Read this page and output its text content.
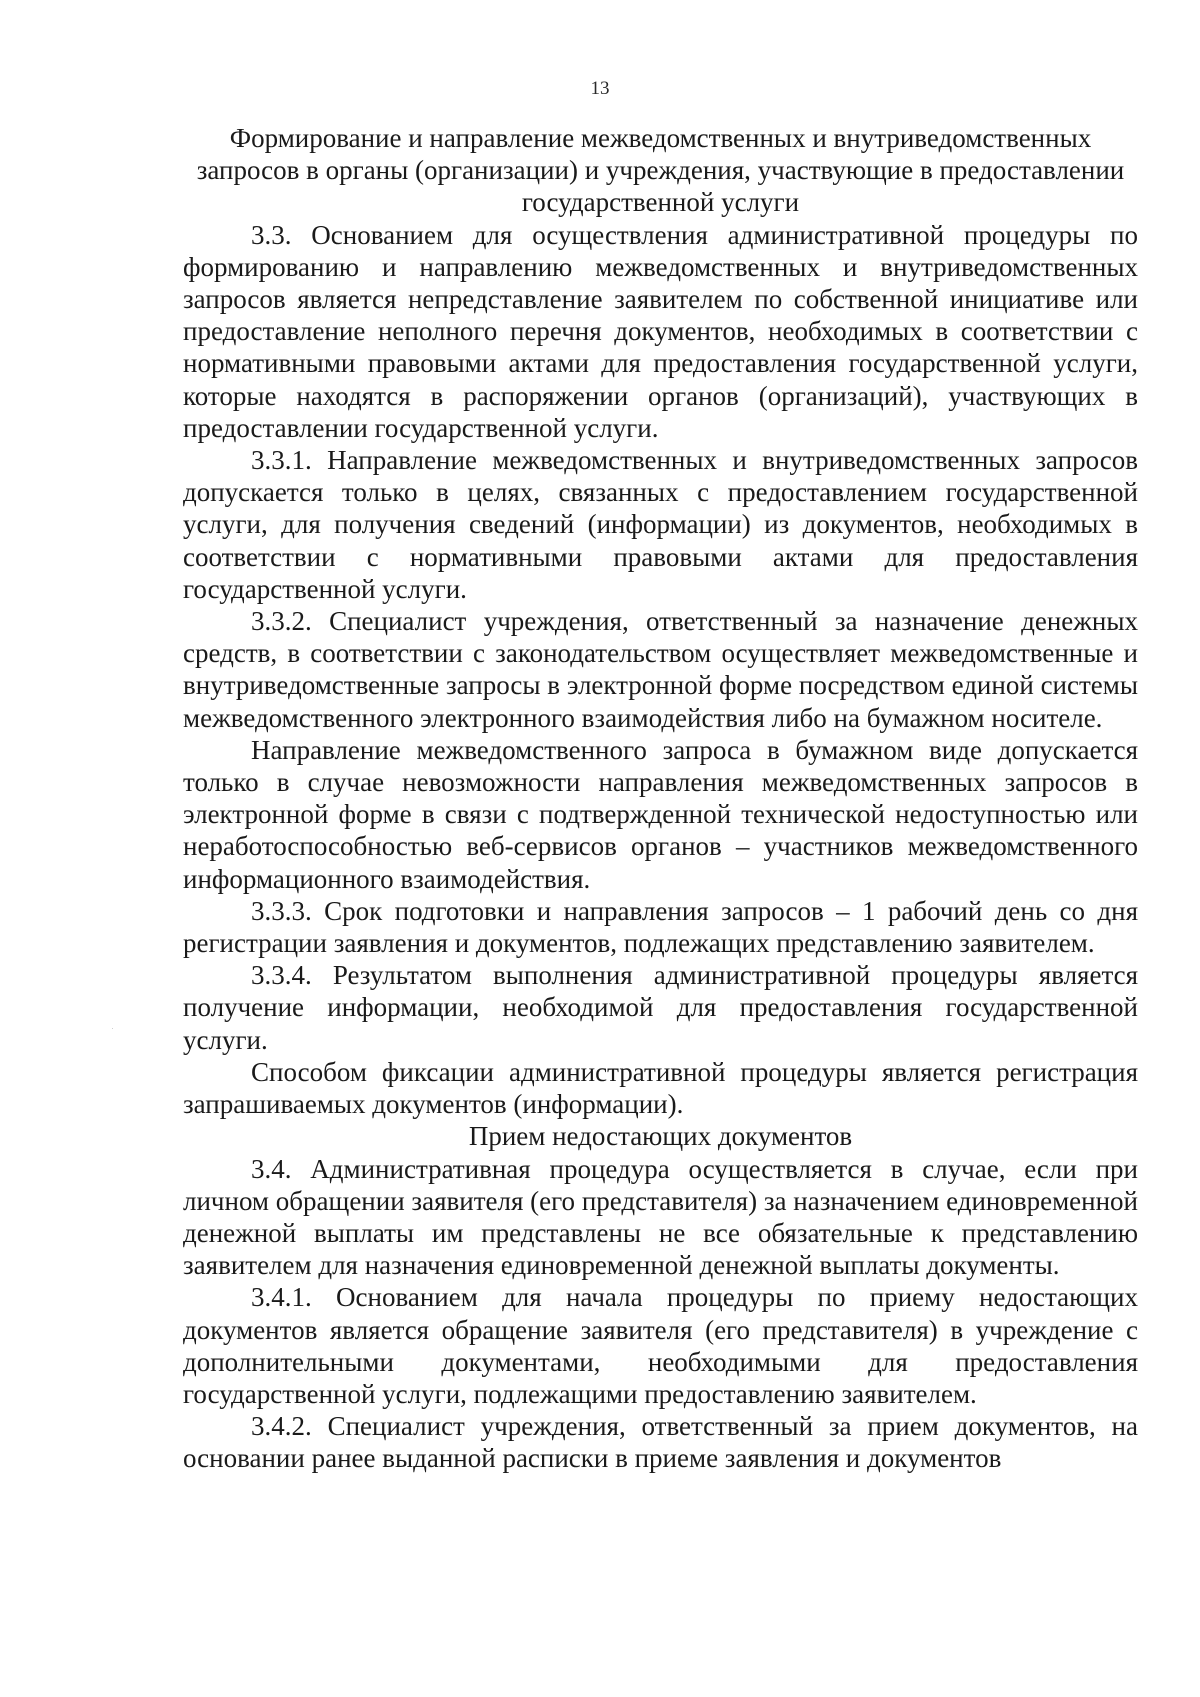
13

Формирование и направление межведомственных и внутриведомственных запросов в органы (организации) и учреждения, участвующие в предоставлении государственной услуги

3.3. Основанием для осуществления административной процедуры по формированию и направлению межведомственных и внутриведомственных запросов является непредставление заявителем по собственной инициативе или предоставление неполного перечня документов, необходимых в соответствии с нормативными правовыми актами для предоставления государственной услуги, которые находятся в распоряжении органов (организаций), участвующих в предоставлении государственной услуги.

3.3.1. Направление межведомственных и внутриведомственных запросов допускается только в целях, связанных с предоставлением государственной услуги, для получения сведений (информации) из документов, необходимых в соответствии с нормативными правовыми актами для предоставления государственной услуги.

3.3.2. Специалист учреждения, ответственный за назначение денежных средств, в соответствии с законодательством осуществляет межведомственные и внутриведомственные запросы в электронной форме посредством единой системы межведомственного электронного взаимодействия либо на бумажном носителе.

Направление межведомственного запроса в бумажном виде допускается только в случае невозможности направления межведомственных запросов в электронной форме в связи с подтвержденной технической недоступностью или неработоспособностью веб-сервисов органов – участников межведомственного информационного взаимодействия.

3.3.3. Срок подготовки и направления запросов – 1 рабочий день со дня регистрации заявления и документов, подлежащих представлению заявителем.

3.3.4. Результатом выполнения административной процедуры является получение информации, необходимой для предоставления государственной услуги.

Способом фиксации административной процедуры является регистрация запрашиваемых документов (информации).

Прием недостающих документов

3.4. Административная процедура осуществляется в случае, если при личном обращении заявителя (его представителя) за назначением единовременной денежной выплаты им представлены не все обязательные к представлению заявителем для назначения единовременной денежной выплаты документы.

3.4.1. Основанием для начала процедуры по приему недостающих документов является обращение заявителя (его представителя) в учреждение с дополнительными документами, необходимыми для предоставления государственной услуги, подлежащими предоставлению заявителем.

3.4.2. Специалист учреждения, ответственный за прием документов, на основании ранее выданной расписки в приеме заявления и документов
